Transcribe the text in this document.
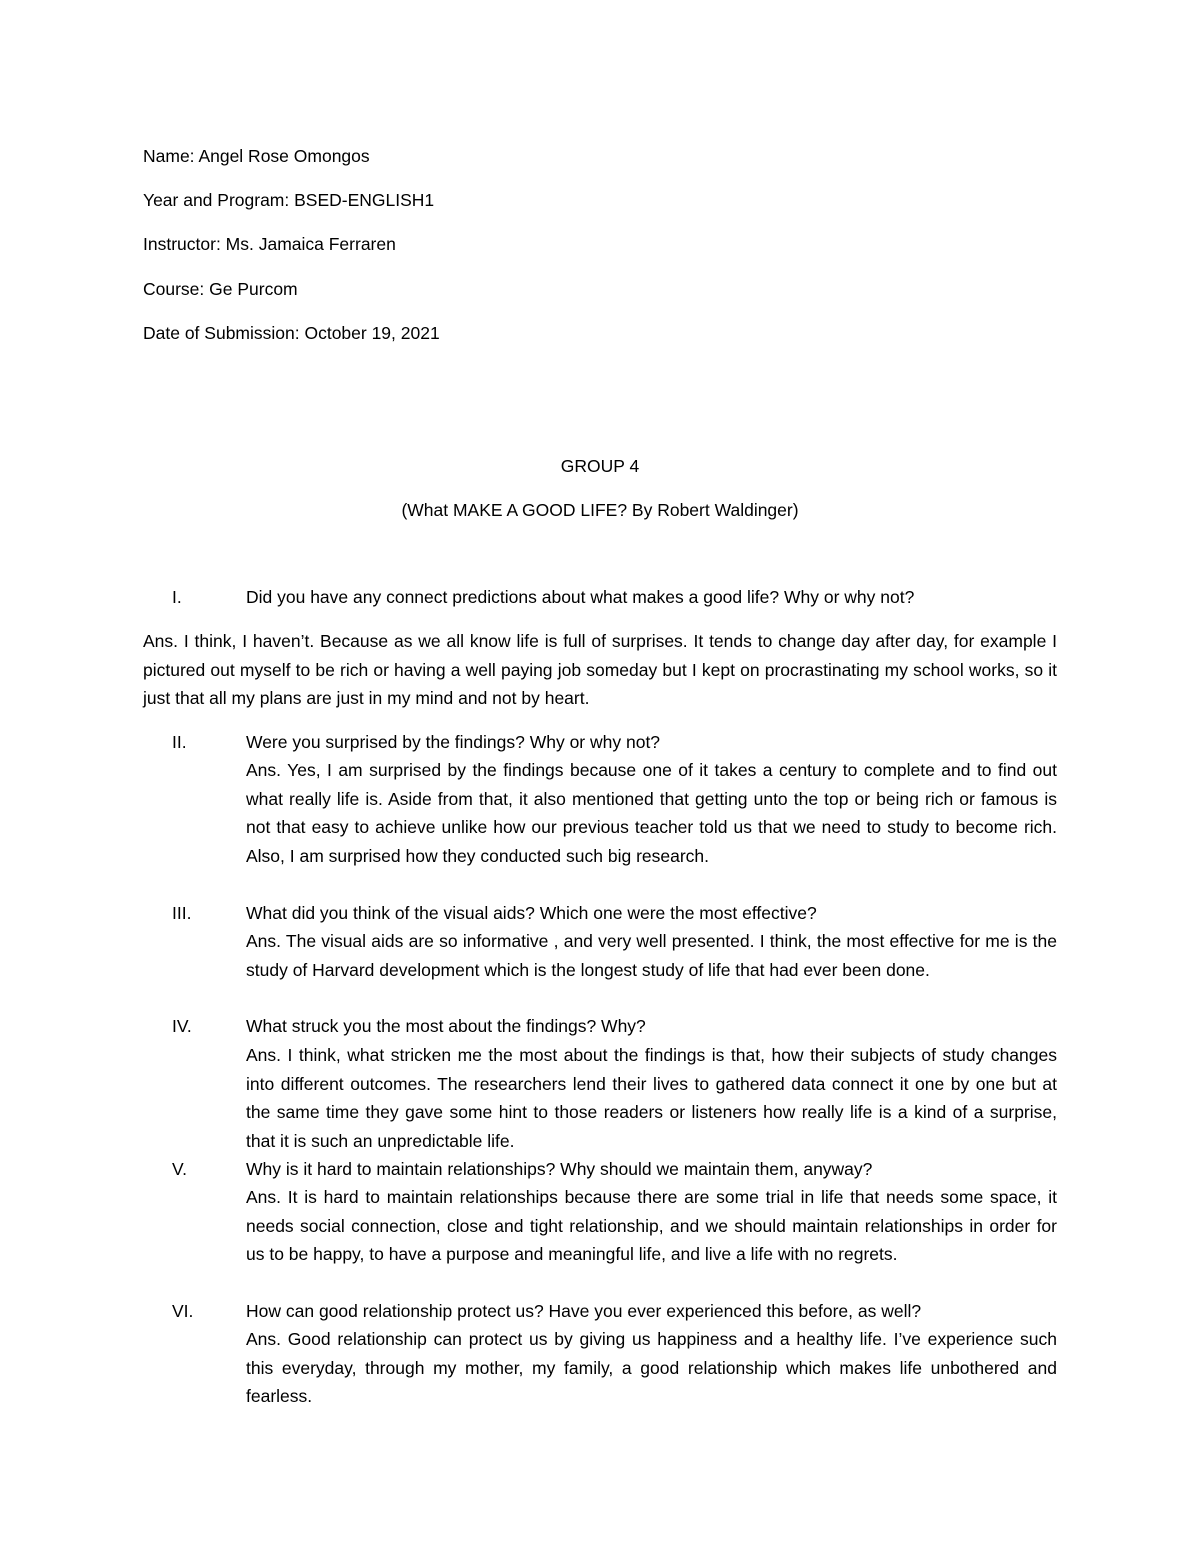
Name: Angel Rose Omongos
Year and Program: BSED-ENGLISH1
Instructor: Ms. Jamaica Ferraren
Course: Ge Purcom
Date of Submission: October 19, 2021
GROUP 4
(What MAKE A GOOD LIFE? By Robert Waldinger)
I.	Did you have any connect predictions about what makes a good life? Why or why not?
Ans. I think, I haven’t. Because as we all know life is full of surprises. It tends to change day after day, for example I pictured out myself to be rich or having a well paying job someday but I kept on procrastinating my school works, so it just that all my plans are just in my mind and not by heart.
II.	Were you surprised by the findings? Why or why not?
Ans. Yes, I am surprised by the findings because one of it takes a century to complete and to find out what really life is. Aside from that, it also mentioned that getting unto the top or being rich or famous is not that easy to achieve unlike how our previous teacher told us that we need to study to become rich. Also, I am surprised how they conducted such big research.
III.	What did you think of the visual aids? Which one were the most effective?
Ans. The visual aids are so informative , and very well presented. I think, the most effective for me is the study of Harvard development which is the longest study of life that had ever been done.
IV.	What struck you the most about the findings? Why?
Ans. I think, what stricken me the most about the findings is that, how their subjects of study changes into different outcomes. The researchers lend their lives to gathered data connect it one by one but at the same time they gave some hint to those readers or listeners how really life is a kind of a surprise, that it is such an unpredictable life.
V.	Why is it hard to maintain relationships? Why should we maintain them, anyway?
Ans. It is hard to maintain relationships because there are some trial in life that needs some space, it needs social connection, close and tight relationship, and we should maintain relationships in order for us to be happy, to have a purpose and meaningful life, and live a life with no regrets.
VI.	How can good relationship protect us? Have you ever experienced this before, as well?
Ans. Good relationship can protect us by giving us happiness and a healthy life. I’ve experience such this everyday, through my mother, my family, a good relationship which makes life unbothered and fearless.
